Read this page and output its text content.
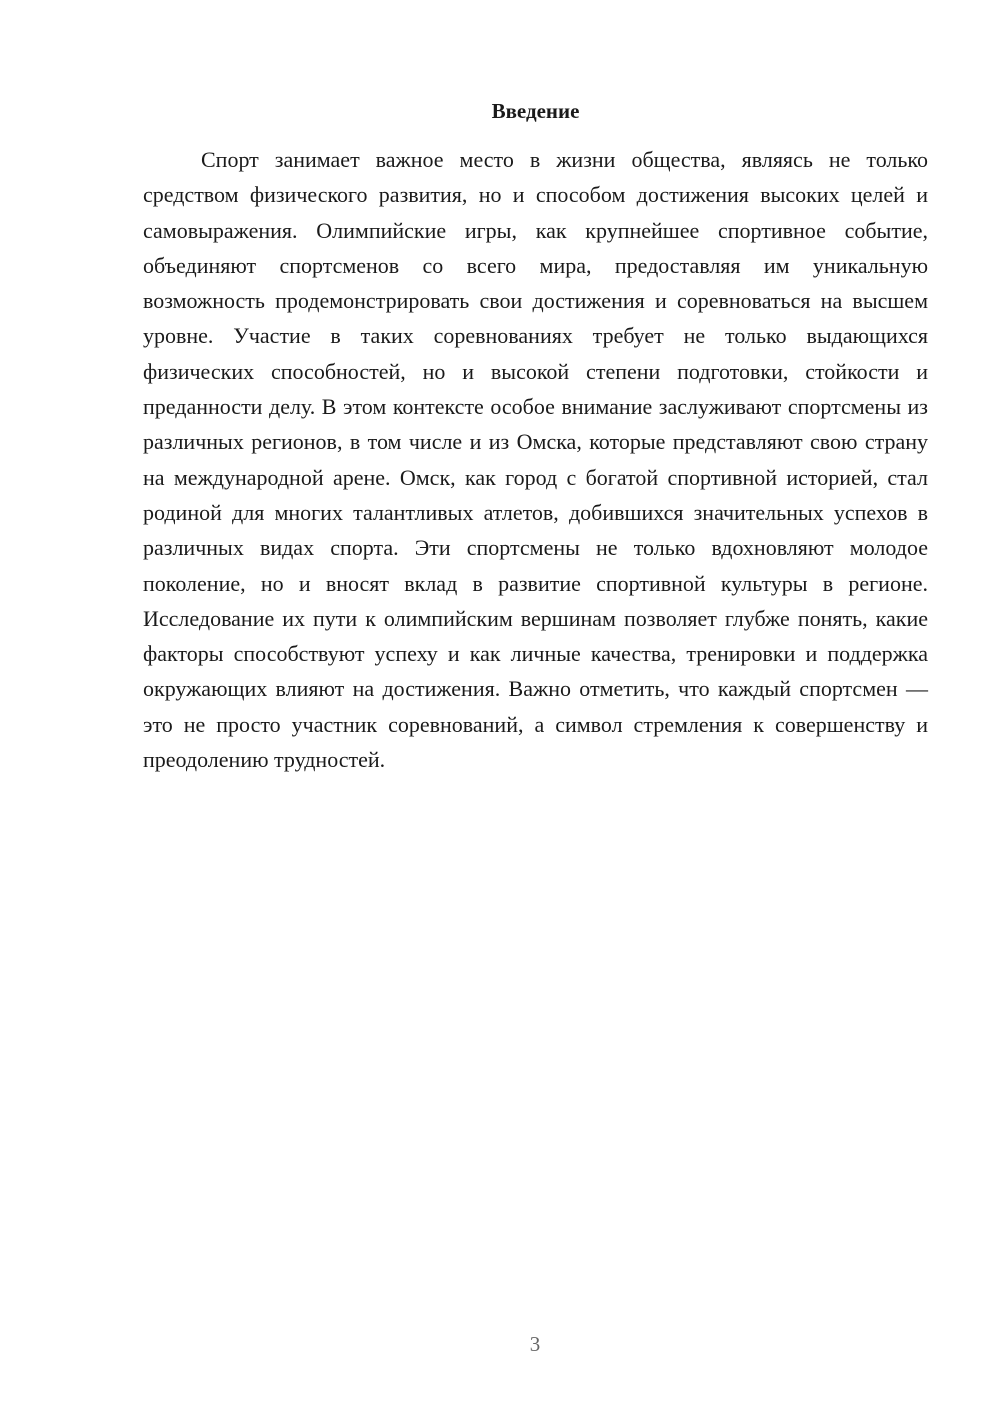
Введение

Спорт занимает важное место в жизни общества, являясь не только средством физического развития, но и способом достижения высоких целей и самовыражения. Олимпийские игры, как крупнейшее спортивное событие, объединяют спортсменов со всего мира, предоставляя им уникальную возможность продемонстрировать свои достижения и соревноваться на высшем уровне. Участие в таких соревнованиях требует не только выдающихся физических способностей, но и высокой степени подготовки, стойкости и преданности делу. В этом контексте особое внимание заслуживают спортсмены из различных регионов, в том числе и из Омска, которые представляют свою страну на международной арене. Омск, как город с богатой спортивной историей, стал родиной для многих талантливых атлетов, добившихся значительных успехов в различных видах спорта. Эти спортсмены не только вдохновляют молодое поколение, но и вносят вклад в развитие спортивной культуры в регионе. Исследование их пути к олимпийским вершинам позволяет глубже понять, какие факторы способствуют успеху и как личные качества, тренировки и поддержка окружающих влияют на достижения. Важно отметить, что каждый спортсмен — это не просто участник соревнований, а символ стремления к совершенству и преодолению трудностей.

3
